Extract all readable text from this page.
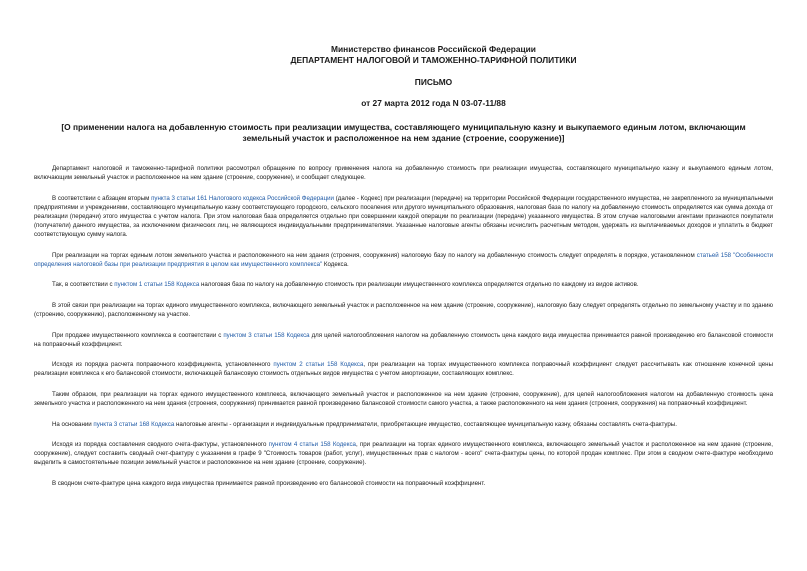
Министерство финансов Российской Федерации
ДЕПАРТАМЕНТ НАЛОГОВОЙ И ТАМОЖЕННО-ТАРИФНОЙ ПОЛИТИКИ
ПИСЬМО
от 27 марта 2012 года N 03-07-11/88
[О применении налога на добавленную стоимость при реализации имущества, составляющего муниципальную казну и выкупаемого единым лотом, включающим земельный участок и расположенное на нем здание (строение, сооружение)]

Департамент налоговой и таможенно-тарифной политики рассмотрел обращение по вопросу применения налога на добавленную стоимость при реализации имущества, составляющего муниципальную казну и выкупаемого единым лотом, включающим земельный участок и расположенное на нем здание (строение, сооружение), и сообщает следующее.

В соответствии с абзацем вторым пункта 3 статьи 161 Налогового кодекса Российской Федерации (далее - Кодекс) при реализации (передаче) на территории Российской Федерации государственного имущества, не закрепленного за муниципальными предприятиями и учреждениями, составляющего муниципальную казну соответствующего городского, сельского поселения или другого муниципального образования, налоговая база по налогу на добавленную стоимость определяется как сумма дохода от реализации (передачи) этого имущества с учетом налога. При этом налоговая база определяется отдельно при совершении каждой операции по реализации (передаче) указанного имущества. В этом случае налоговыми агентами признаются покупатели (получатели) данного имущества, за исключением физических лиц, не являющихся индивидуальными предпринимателями. Указанные налоговые агенты обязаны исчислить расчетным методом, удержать из выплачиваемых доходов и уплатить в бюджет соответствующую сумму налога.

При реализации на торгах единым лотом земельного участка и расположенного на нем здания (строения, сооружения) налоговую базу по налогу на добавленную стоимость следует определять в порядке, установленном статьей 158 "Особенности определения налоговой базы при реализации предприятия в целом как имущественного комплекса" Кодекса.

Так, в соответствии с пунктом 1 статьи 158 Кодекса налоговая база по налогу на добавленную стоимость при реализации имущественного комплекса определяется отдельно по каждому из видов активов.

В этой связи при реализации на торгах единого имущественного комплекса, включающего земельный участок и расположенное на нем здание (строение, сооружение), налоговую базу следует определять отдельно по земельному участку и по зданию (строению, сооружению), расположенному на участке.

При продаже имущественного комплекса в соответствии с пунктом 3 статьи 158 Кодекса для целей налогообложения налогом на добавленную стоимость цена каждого вида имущества принимается равной произведению его балансовой стоимости на поправочный коэффициент.

Исходя из порядка расчета поправочного коэффициента, установленного пунктом 2 статьи 158 Кодекса, при реализации на торгах имущественного комплекса поправочный коэффициент следует рассчитывать как отношение конечной цены реализации комплекса к его балансовой стоимости, включающей балансовую стоимость отдельных видов имущества с учетом амортизации, составляющих комплекс.

Таким образом, при реализации на торгах единого имущественного комплекса, включающего земельный участок и расположенное на нем здание (строение, сооружение), для целей налогообложения налогом на добавленную стоимость цена земельного участка и расположенного на нем здания (строения, сооружения) принимается равной произведению балансовой стоимости самого участка, а также расположенного на нем здания (строения, сооружения) на поправочный коэффициент.

На основании пункта 3 статьи 168 Кодекса налоговые агенты - организации и индивидуальные предприниматели, приобретающие имущество, составляющее муниципальную казну, обязаны составлять счета-фактуры.

Исходя из порядка составления сводного счета-фактуры, установленного пунктом 4 статьи 158 Кодекса, при реализации на торгах единого имущественного комплекса, включающего земельный участок и расположенное на нем здание (строение, сооружение), следует составить сводный счет-фактуру с указанием в графе 9 "Стоимость товаров (работ, услуг), имущественных прав с налогом - всего" счета-фактуры цены, по которой продан комплекс. При этом в сводном счете-фактуре необходимо выделить в самостоятельные позиции земельный участок и расположенное на нем здание (строение, сооружение).

В сводном счете-фактуре цена каждого вида имущества принимается равной произведению его балансовой стоимости на поправочный коэффициент.
